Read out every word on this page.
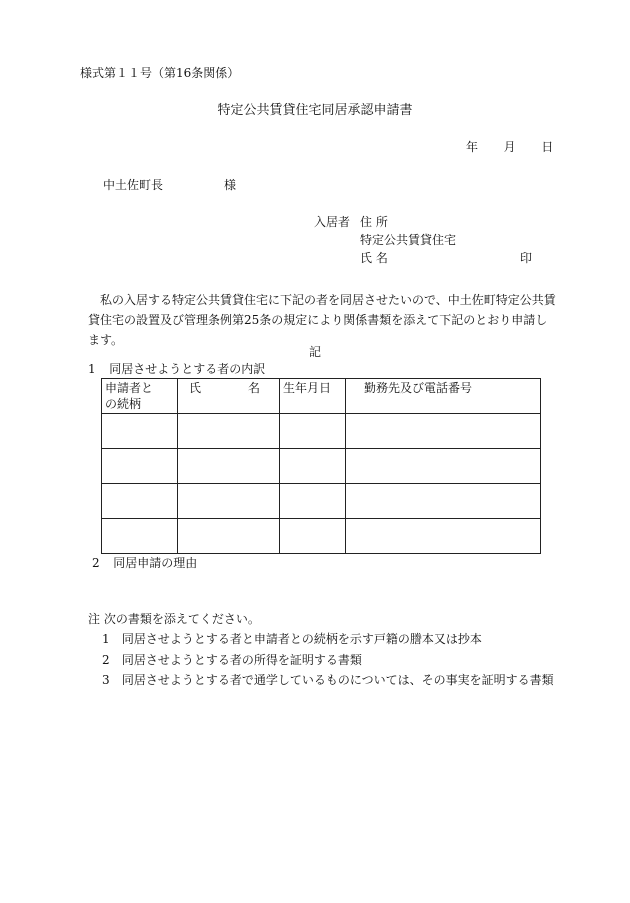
様式第１１号（第16条関係）
特定公共賃貸住宅同居承認申請書
年 月 日
中土佐町長	様
入居者 住 所
特定公共賃貸住宅
氏 名	印
私の入居する特定公共賃貸住宅に下記の者を同居させたいので、中土佐町特定公共賃貸住宅の設置及び管理条例第25条の規定により関係書類を添えて下記のとおり申請します。
記
1 同居させようとする者の内訳
申請者との続柄	氏 名	生年月日	勤務先及び電話番号

2 同居申請の理由
注 次の書類を添えてください。
1 同居させようとする者と申請者との続柄を示す戸籍の謄本又は抄本
2 同居させようとする者の所得を証明する書類
3 同居させようとする者で通学しているものについては、その事実を証明する書類
